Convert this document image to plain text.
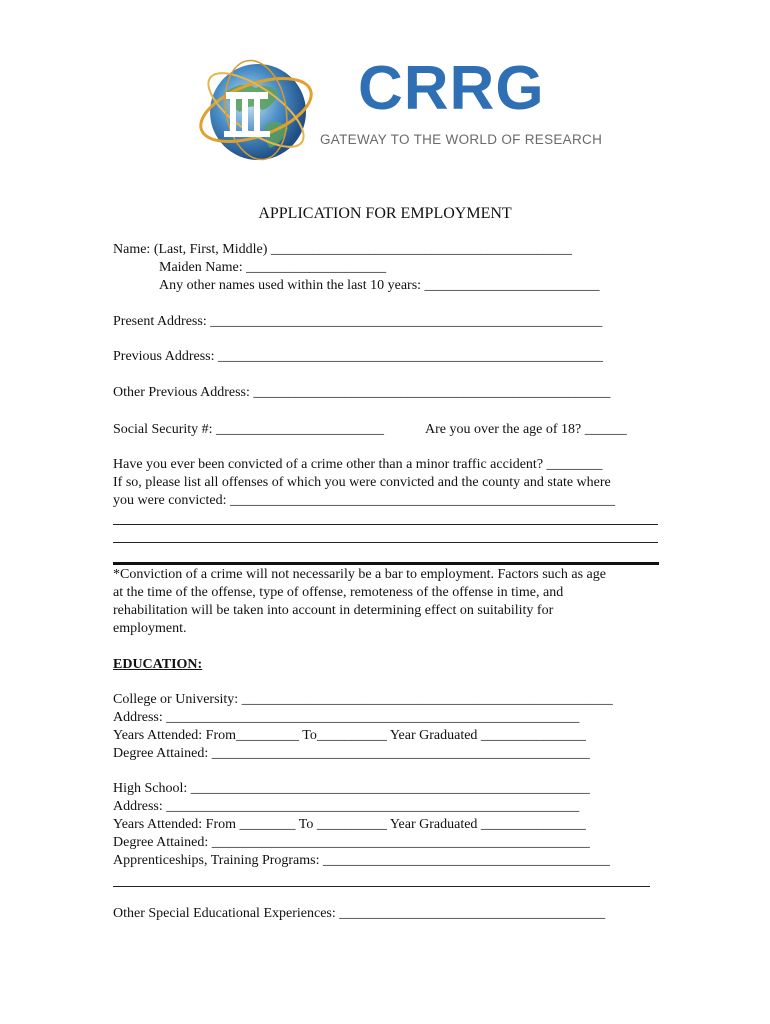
CRRG
GATEWAY TO THE WORLD OF RESEARCH
APPLICATION FOR EMPLOYMENT
Name: (Last, First, Middle) ___________________________________________
Maiden Name: ____________________
Any other names used within the last 10 years: _________________________
Present Address: ________________________________________________________
Previous Address: _______________________________________________________
Other Previous Address: ___________________________________________________
Social Security #: ________________________	Are you over the age of 18? ______
Have you ever been convicted of a crime other than a minor traffic accident? ________
If so, please list all offenses of which you were convicted and the county and state where
you were convicted: _______________________________________________________
*Conviction of a crime will not necessarily be a bar to employment. Factors such as age
at the time of the offense, type of offense, remoteness of the offense in time, and
rehabilitation will be taken into account in determining effect on suitability for
employment.
EDUCATION:
College or University: _____________________________________________________
Address: ___________________________________________________________
Years Attended: From_________ To__________ Year Graduated _______________
Degree Attained: ______________________________________________________
High School: _________________________________________________________
Address: ___________________________________________________________
Years Attended: From ________ To __________ Year Graduated _______________
Degree Attained: ______________________________________________________
Apprenticeships, Training Programs: _________________________________________
Other Special Educational Experiences: ______________________________________
